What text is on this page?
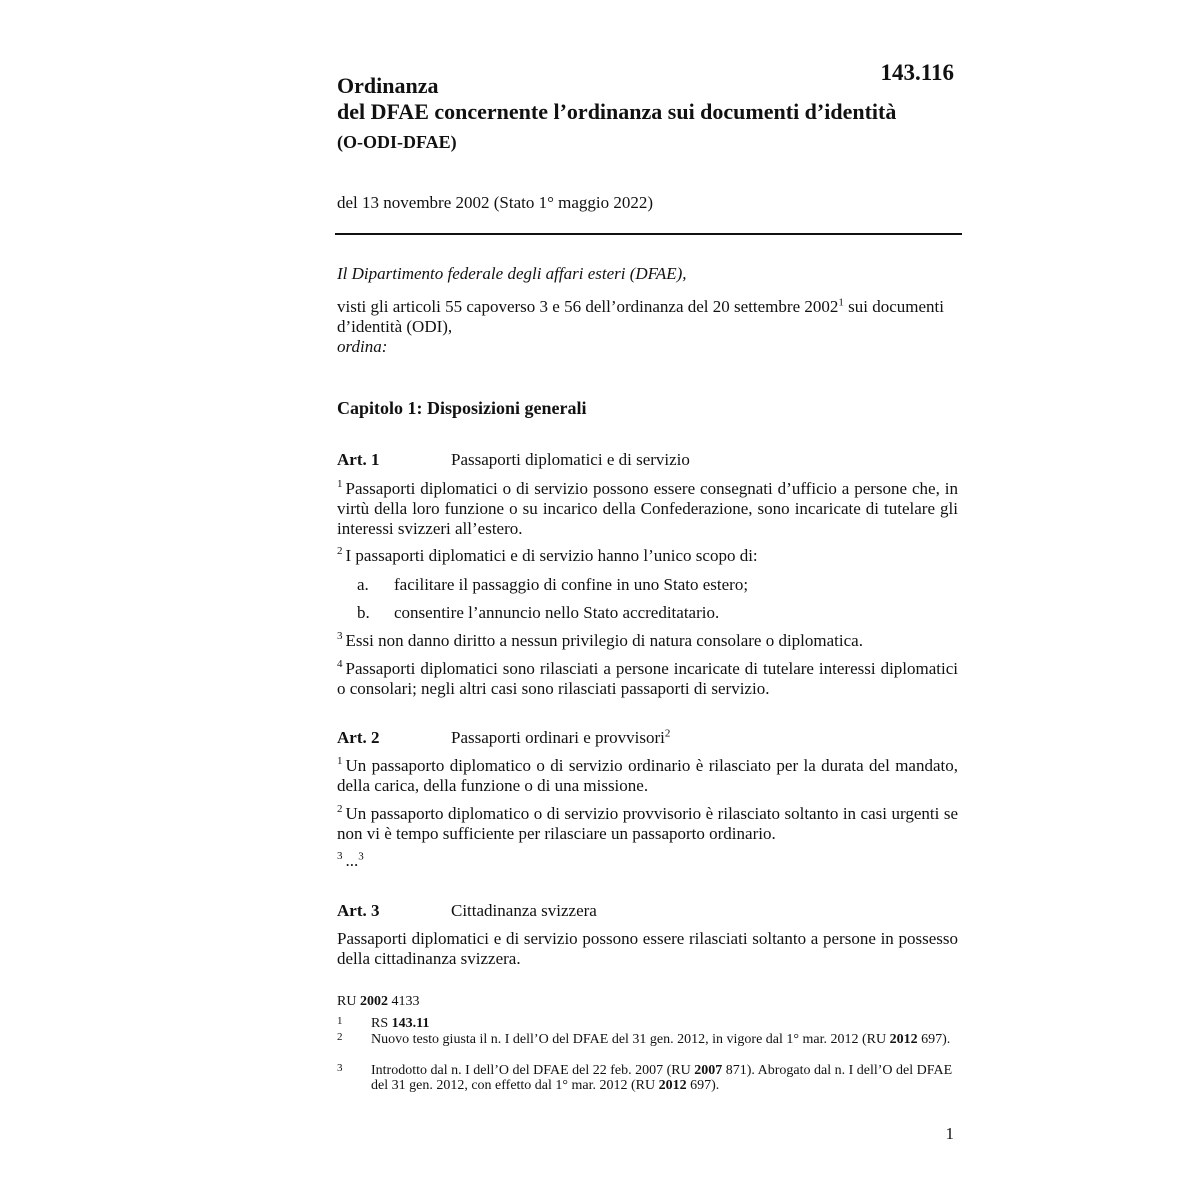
143.116
Ordinanza
del DFAE concernente l’ordinanza sui documenti d’identità
(O-ODI-DFAE)
del 13 novembre 2002 (Stato 1° maggio 2022)

Il Dipartimento federale degli affari esteri (DFAE),

visti gli articoli 55 capoverso 3 e 56 dell’ordinanza del 20 settembre 2002$^1$ sui documenti d’identità (ODI),

ordina:

Capitolo 1: Disposizioni generali
Art. 1	Passaporti diplomatici e di servizio
$^1$ Passaporti diplomatici o di servizio possono essere consegnati d’ufficio a persone che, in virtù della loro funzione o su incarico della Confederazione, sono incaricate di tutelare gli interessi svizzeri all’estero.
$^2$ I passaporti diplomatici e di servizio hanno l’unico scopo di:
a. facilitare il passaggio di confine in uno Stato estero;
b. consentire l’annuncio nello Stato accreditatario.
$^3$ Essi non danno diritto a nessun privilegio di natura consolare o diplomatica.
$^4$ Passaporti diplomatici sono rilasciati a persone incaricate di tutelare interessi diplomatici o consolari; negli altri casi sono rilasciati passaporti di servizio.
Art. 2	Passaporti ordinari e provvisori$^2$
$^1$ Un passaporto diplomatico o di servizio ordinario è rilasciato per la durata del mandato, della carica, della funzione o di una missione.
$^2$ Un passaporto diplomatico o di servizio provvisorio è rilasciato soltanto in casi urgenti se non vi è tempo sufficiente per rilasciare un passaporto ordinario.
$^3$ ...$^3$
Art. 3	Cittadinanza svizzera
Passaporti diplomatici e di servizio possono essere rilasciati soltanto a persone in possesso della cittadinanza svizzera.
RU 2002 4133
1 RS 143.11
2 Nuovo testo giusta il n. I dell’O del DFAE del 31 gen. 2012, in vigore dal 1° mar. 2012 (RU 2012 697).
3 Introdotto dal n. I dell’O del DFAE del 22 feb. 2007 (RU 2007 871). Abrogato dal n. I dell’O del DFAE del 31 gen. 2012, con effetto dal 1° mar. 2012 (RU 2012 697).
1
